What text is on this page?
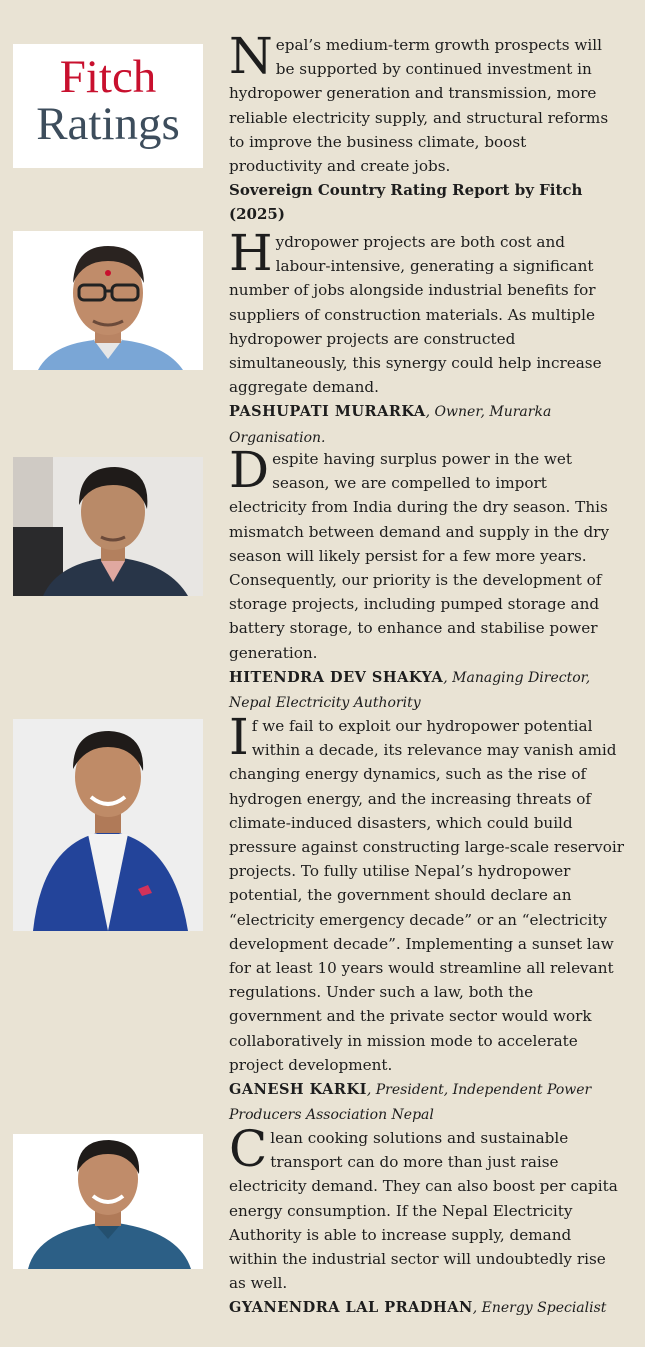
Fitch
Ratings
Nepal’s medium-term growth prospects will be supported by continued investment in hydropower generation and transmission, more reliable electricity supply, and structural reforms to improve the business climate, boost productivity and create jobs.
Sovereign Country Rating Report by Fitch (2025)
Hydropower projects are both cost and labour-intensive, generating a significant number of jobs alongside industrial benefits for suppliers of construction materials. As multiple hydropower projects are constructed simultaneously, this synergy could help increase aggregate demand.
PASHUPATI MURARKA, Owner, Murarka Organisation.
Despite having surplus power in the wet season, we are compelled to import electricity from India during the dry season. This mismatch between demand and supply in the dry season will likely persist for a few more years. Consequently, our priority is the development of storage projects, including pumped storage and battery storage, to enhance and stabilise power generation.
HITENDRA DEV SHAKYA, Managing Director, Nepal Electricity Authority
If we fail to exploit our hydropower potential within a decade, its relevance may vanish amid changing energy dynamics, such as the rise of hydrogen energy, and the increasing threats of climate-induced disasters, which could build pressure against constructing large-scale reservoir projects. To fully utilise Nepal’s hydropower potential, the government should declare an “electricity emergency decade” or an “electricity development decade”. Implementing a sunset law for at least 10 years would streamline all relevant regulations. Under such a law, both the government and the private sector would work collaboratively in mission mode to accelerate project development.
GANESH KARKI, President, Independent Power Producers Association Nepal
Clean cooking solutions and sustainable transport can do more than just raise electricity demand. They can also boost per capita energy consumption. If the Nepal Electricity Authority is able to increase supply, demand within the industrial sector will undoubtedly rise as well.
GYANENDRA LAL PRADHAN, Energy Specialist
